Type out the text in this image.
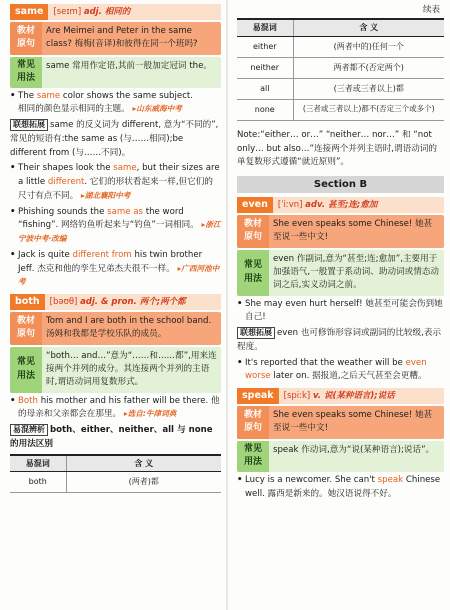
same	[seɪm] adj. 相同的
教材 原句
Are Meimei and Peter in the same class? 梅梅(音译)和彼得在同一个班吗?
常见 用法
same 常用作定语,其前一般加定冠词 the。
• The same color shows the same subject.
相同的颜色显示相同的主题。 ▸山东威海中考
联想拓展 same 的反义词为 different, 意为“不同的”,常见的短语有:the same as (与……相同);be different from (与……不同)。
• Their shapes look the same, but their sizes are a little different. 它们的形状看起来一样,但它们的尺寸有点不同。 ▸湖北襄阳中考
• Phishing sounds the same as the word “fishing”. 网络钓鱼听起来与“钓鱼”一词相同。 ▸浙江宁波中考·改编
• Jack is quite different from his twin brother Jeff. 杰克和他的孪生兄弟杰夫很不一样。 ▸广西河池中考
both	[bəʊθ] adj. & pron. 两个;两个都
教材 原句
Tom and I are both in the school band. 汤姆和我都是学校乐队的成员。
常见 用法
“both… and…”意为“……和……都”,用来连接两个并列的成分。其连接两个并列的主语时,谓语动词用复数形式。
• Both his mother and his father will be there. 他的母亲和父亲都会在那里。 ▸选自:牛津词典
易混辨析 both、either、neither、all 与 none 的用法区别
易混词	含 义
both	(两者)都
续表
易混词	含 义
either	(两者中的)任何一个
neither	两者都不(否定两个)
all	(三者或三者以上)都
none	(三者或三者以上)都不(否定三个或多个)
Note:“either… or…” “neither… nor…” 和 “not only… but also…”连接两个并列主语时,谓语动词的单复数形式遵循“就近原则”。
Section B
even	[ˈiːvn] adv. 甚至;连;愈加
教材 原句
She even speaks some Chinese! 她甚至说一些中文!
常见 用法
even 作副词,意为“甚至;连;愈加”,主要用于加强语气,一般置于系动词、助动词或情态动词之后,实义动词之前。
• She may even hurt herself! 她甚至可能会伤到她自己!
联想拓展 even 也可修饰形容词或副词的比较级,表示程度。
• It's reported that the weather will be even worse later on. 据报道,之后天气甚至会更糟。
speak	[spiːk] v. 说(某种语言);说话
教材 原句
She even speaks some Chinese! 她甚至说一些中文!
常见 用法
speak 作动词,意为“说(某种语言);说话”。
• Lucy is a newcomer. She can't speak Chinese well. 露西是新来的。她汉语说得不好。
